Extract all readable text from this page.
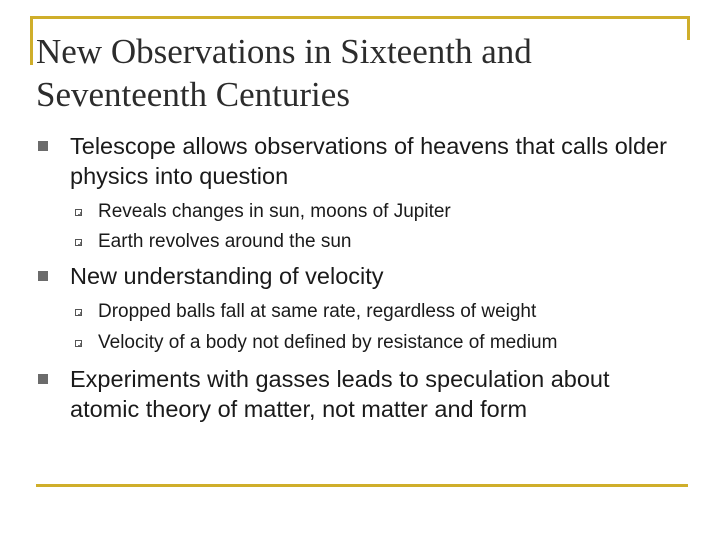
New Observations in Sixteenth and Seventeenth Centuries
Telescope allows observations of heavens that calls older physics into question
Reveals changes in sun, moons of Jupiter
Earth revolves around the sun
New understanding of velocity
Dropped balls fall at same rate, regardless of weight
Velocity of a body not defined by resistance of medium
Experiments with gasses leads to speculation about atomic theory of matter, not matter and form
